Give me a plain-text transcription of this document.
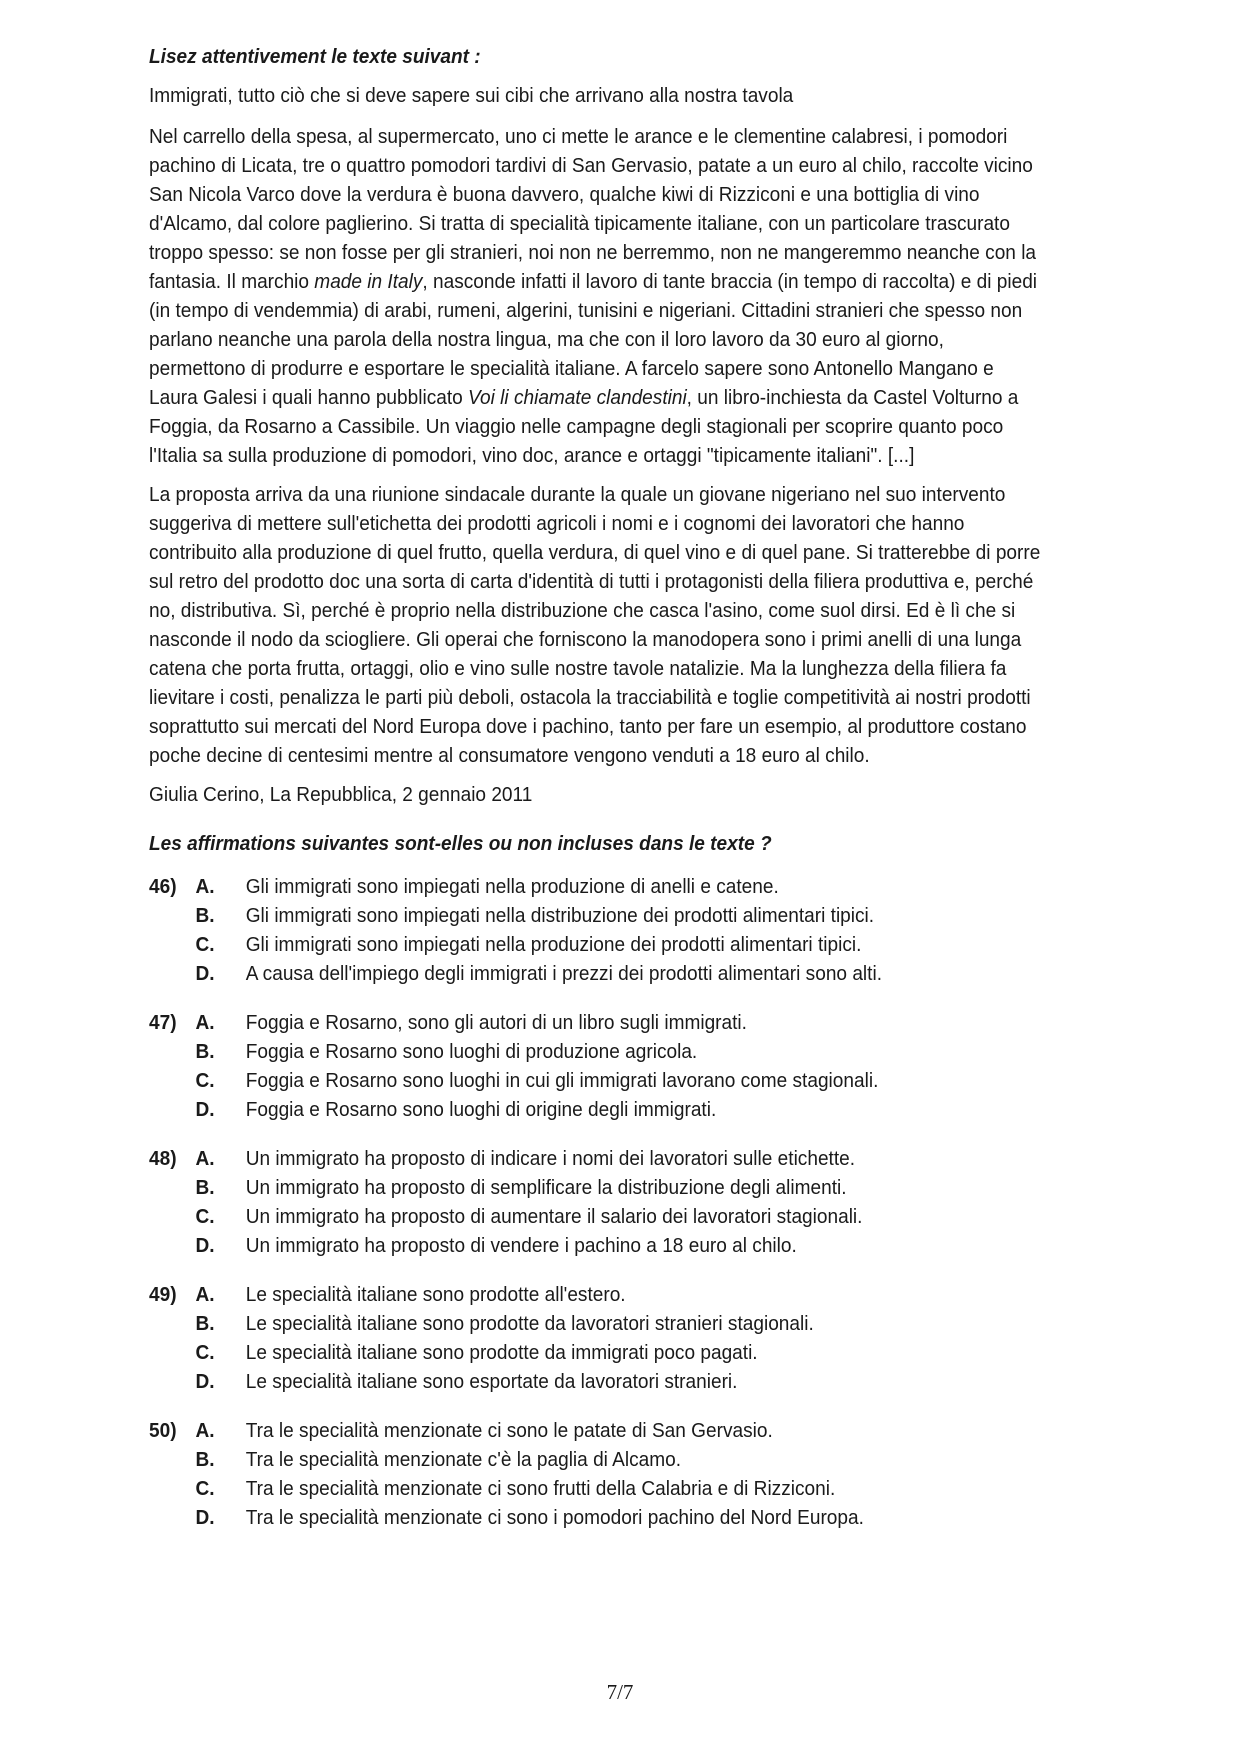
Lisez attentivement le texte suivant :
Immigrati, tutto ciò che si deve sapere sui cibi che arrivano alla nostra tavola

Nel carrello della spesa, al supermercato, uno ci mette le arance e le clementine calabresi, i pomodori pachino di Licata, tre o quattro pomodori tardivi di San Gervasio, patate a un euro al chilo, raccolte vicino San Nicola Varco dove la verdura è buona davvero, qualche kiwi di Rizziconi e una bottiglia di vino d'Alcamo, dal colore paglierino. Si tratta di specialità tipicamente italiane, con un particolare trascurato troppo spesso: se non fosse per gli stranieri, noi non ne berremmo, non ne mangeremmo neanche con la fantasia. Il marchio made in Italy, nasconde infatti il lavoro di tante braccia (in tempo di raccolta) e di piedi (in tempo di vendemmia) di arabi, rumeni, algerini, tunisini e nigeriani. Cittadini stranieri che spesso non parlano neanche una parola della nostra lingua, ma che con il loro lavoro da 30 euro al giorno, permettono di produrre e esportare le specialità italiane. A farcelo sapere sono Antonello Mangano e Laura Galesi i quali hanno pubblicato Voi li chiamate clandestini, un libro-inchiesta da Castel Volturno a Foggia, da Rosarno a Cassibile. Un viaggio nelle campagne degli stagionali per scoprire quanto poco l'Italia sa sulla produzione di pomodori, vino doc, arance e ortaggi "tipicamente italiani". [...]

La proposta arriva da una riunione sindacale durante la quale un giovane nigeriano nel suo intervento suggeriva di mettere sull'etichetta dei prodotti agricoli i nomi e i cognomi dei lavoratori che hanno contribuito alla produzione di quel frutto, quella verdura, di quel vino e di quel pane. Si tratterebbe di porre sul retro del prodotto doc una sorta di carta d'identità di tutti i protagonisti della filiera produttiva e, perché no, distributiva. Sì, perché è proprio nella distribuzione che casca l'asino, come suol dirsi. Ed è lì che si nasconde il nodo da sciogliere. Gli operai che forniscono la manodopera sono i primi anelli di una lunga catena che porta frutta, ortaggi, olio e vino sulle nostre tavole natalizie. Ma la lunghezza della filiera fa lievitare i costi, penalizza le parti più deboli, ostacola la tracciabilità e toglie competitività ai nostri prodotti soprattutto sui mercati del Nord Europa dove i pachino, tanto per fare un esempio, al produttore costano poche decine di centesimi mentre al consumatore vengono venduti a 18 euro al chilo.

Giulia Cerino, La Repubblica, 2 gennaio 2011
Les affirmations suivantes sont-elles ou non incluses dans le texte ?
46) A.	Gli immigrati sono impiegati nella produzione di anelli e catene.
B.	Gli immigrati sono impiegati nella distribuzione dei prodotti alimentari tipici.
C.	Gli immigrati sono impiegati nella produzione dei prodotti alimentari tipici.
D.	A causa dell'impiego degli immigrati i prezzi dei prodotti alimentari sono alti.
47) A.	Foggia e Rosarno, sono gli autori di un libro sugli immigrati.
B.	Foggia e Rosarno sono luoghi di produzione agricola.
C.	Foggia e Rosarno sono luoghi in cui gli immigrati lavorano come stagionali.
D.	Foggia e Rosarno sono luoghi di origine degli immigrati.
48) A.	Un immigrato ha proposto di indicare i nomi dei lavoratori sulle etichette.
B.	Un immigrato ha proposto di semplificare la distribuzione degli alimenti.
C.	Un immigrato ha proposto di aumentare il salario dei lavoratori stagionali.
D.	Un immigrato ha proposto di vendere i pachino a 18 euro al chilo.
49) A.	Le specialità italiane sono prodotte all'estero.
B.	Le specialità italiane sono prodotte da lavoratori stranieri stagionali.
C.	Le specialità italiane sono prodotte da immigrati poco pagati.
D.	Le specialità italiane sono esportate da lavoratori stranieri.
50) A.	Tra le specialità menzionate ci sono le patate di San Gervasio.
B.	Tra le specialità menzionate c'è la paglia di Alcamo.
C.	Tra le specialità menzionate ci sono frutti della Calabria e di Rizziconi.
D.	Tra le specialità menzionate ci sono i pomodori pachino del Nord Europa.
7/7
